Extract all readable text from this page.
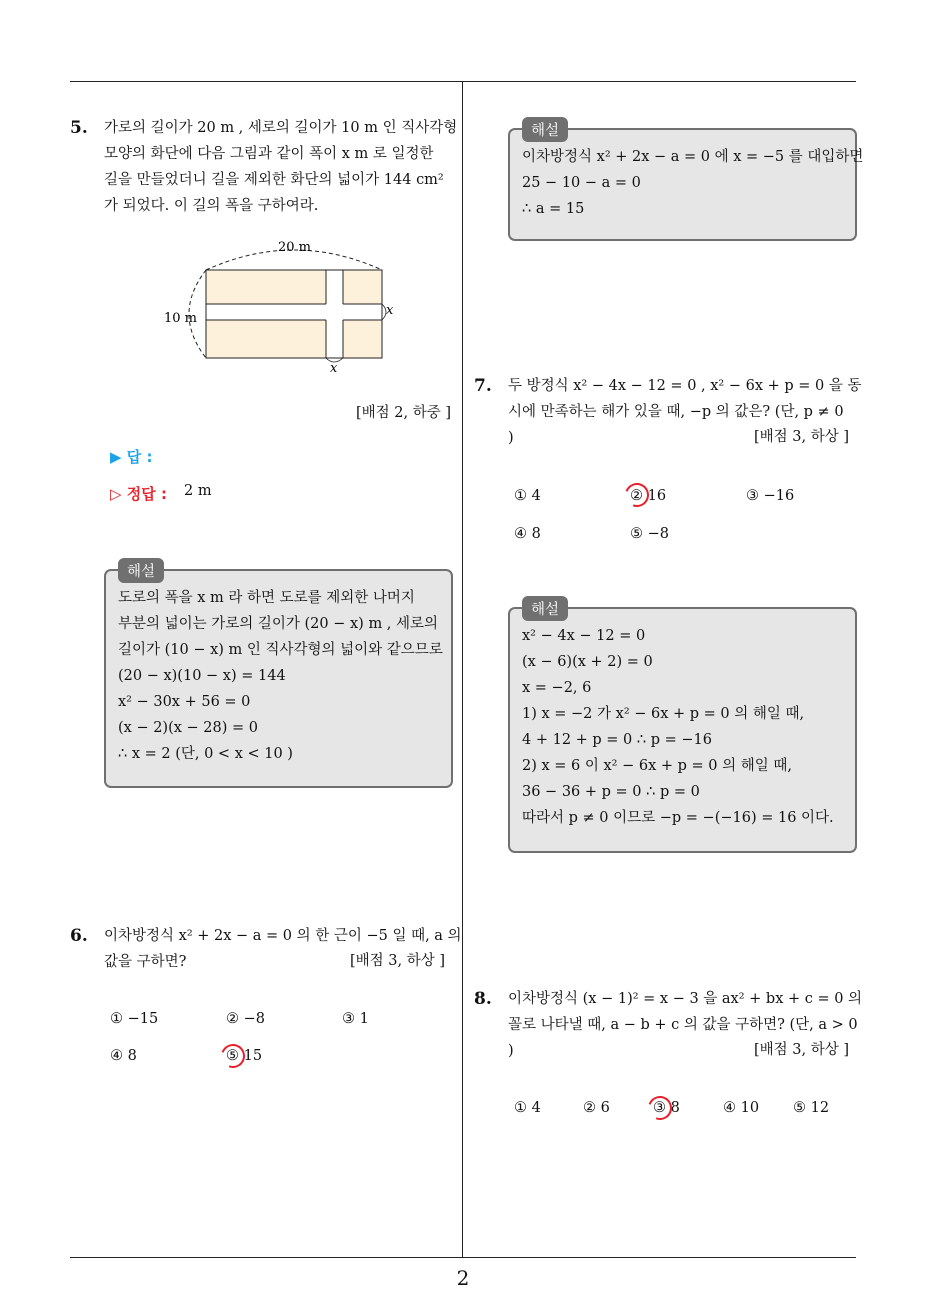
5. 가로의 길이가 20 m , 세로의 길이가 10 m 인 직사각형
모양의 화단에 다음 그림과 같이 폭이 x m 로 일정한
길을 만들었더니 길을 제외한 화단의 넓이가 144 cm²
가 되었다. 이 길의 폭을 구하여라.
20 m
10 m
x
x
[배점 2, 하중 ]
▶ 답 :
▷ 정답 : 2 m
도로의 폭을 x m 라 하면 도로를 제외한 나머지
부분의 넓이는 가로의 길이가 (20 − x) m , 세로의
길이가 (10 − x) m 인 직사각형의 넓이와 같으므로
(20 − x)(10 − x) = 144
x² − 30x + 56 = 0
(x − 2)(x − 28) = 0
∴ x = 2 (단, 0 < x < 10 )
해설
6. 이차방정식 x² + 2x − a = 0 의 한 근이 −5 일 때, a 의
값을 구하면?	[배점 3, 하상 ]
① −15	② −8	③ 1
④ 8	⑤ 15
이차방정식 x² + 2x − a = 0 에 x = −5 를 대입하면
25 − 10 − a = 0
∴ a = 15
해설
7. 두 방정식 x² − 4x − 12 = 0 , x² − 6x + p = 0 을 동
시에 만족하는 해가 있을 때, −p 의 값은? (단, p ≠ 0
)	[배점 3, 하상 ]
① 4	② 16	③ −16
④ 8	⑤ −8
x² − 4x − 12 = 0
(x − 6)(x + 2) = 0
x = −2, 6
1) x = −2 가 x² − 6x + p = 0 의 해일 때,
4 + 12 + p = 0 ∴ p = −16
2) x = 6 이 x² − 6x + p = 0 의 해일 때,
36 − 36 + p = 0 ∴ p = 0
따라서 p ≠ 0 이므로 −p = −(−16) = 16 이다.
해설
8. 이차방정식 (x − 1)² = x − 3 을 ax² + bx + c = 0 의
꼴로 나타낼 때, a − b + c 의 값을 구하면? (단, a > 0
)	[배점 3, 하상 ]
① 4	② 6	③ 8	④ 10 ⑤ 12
2
